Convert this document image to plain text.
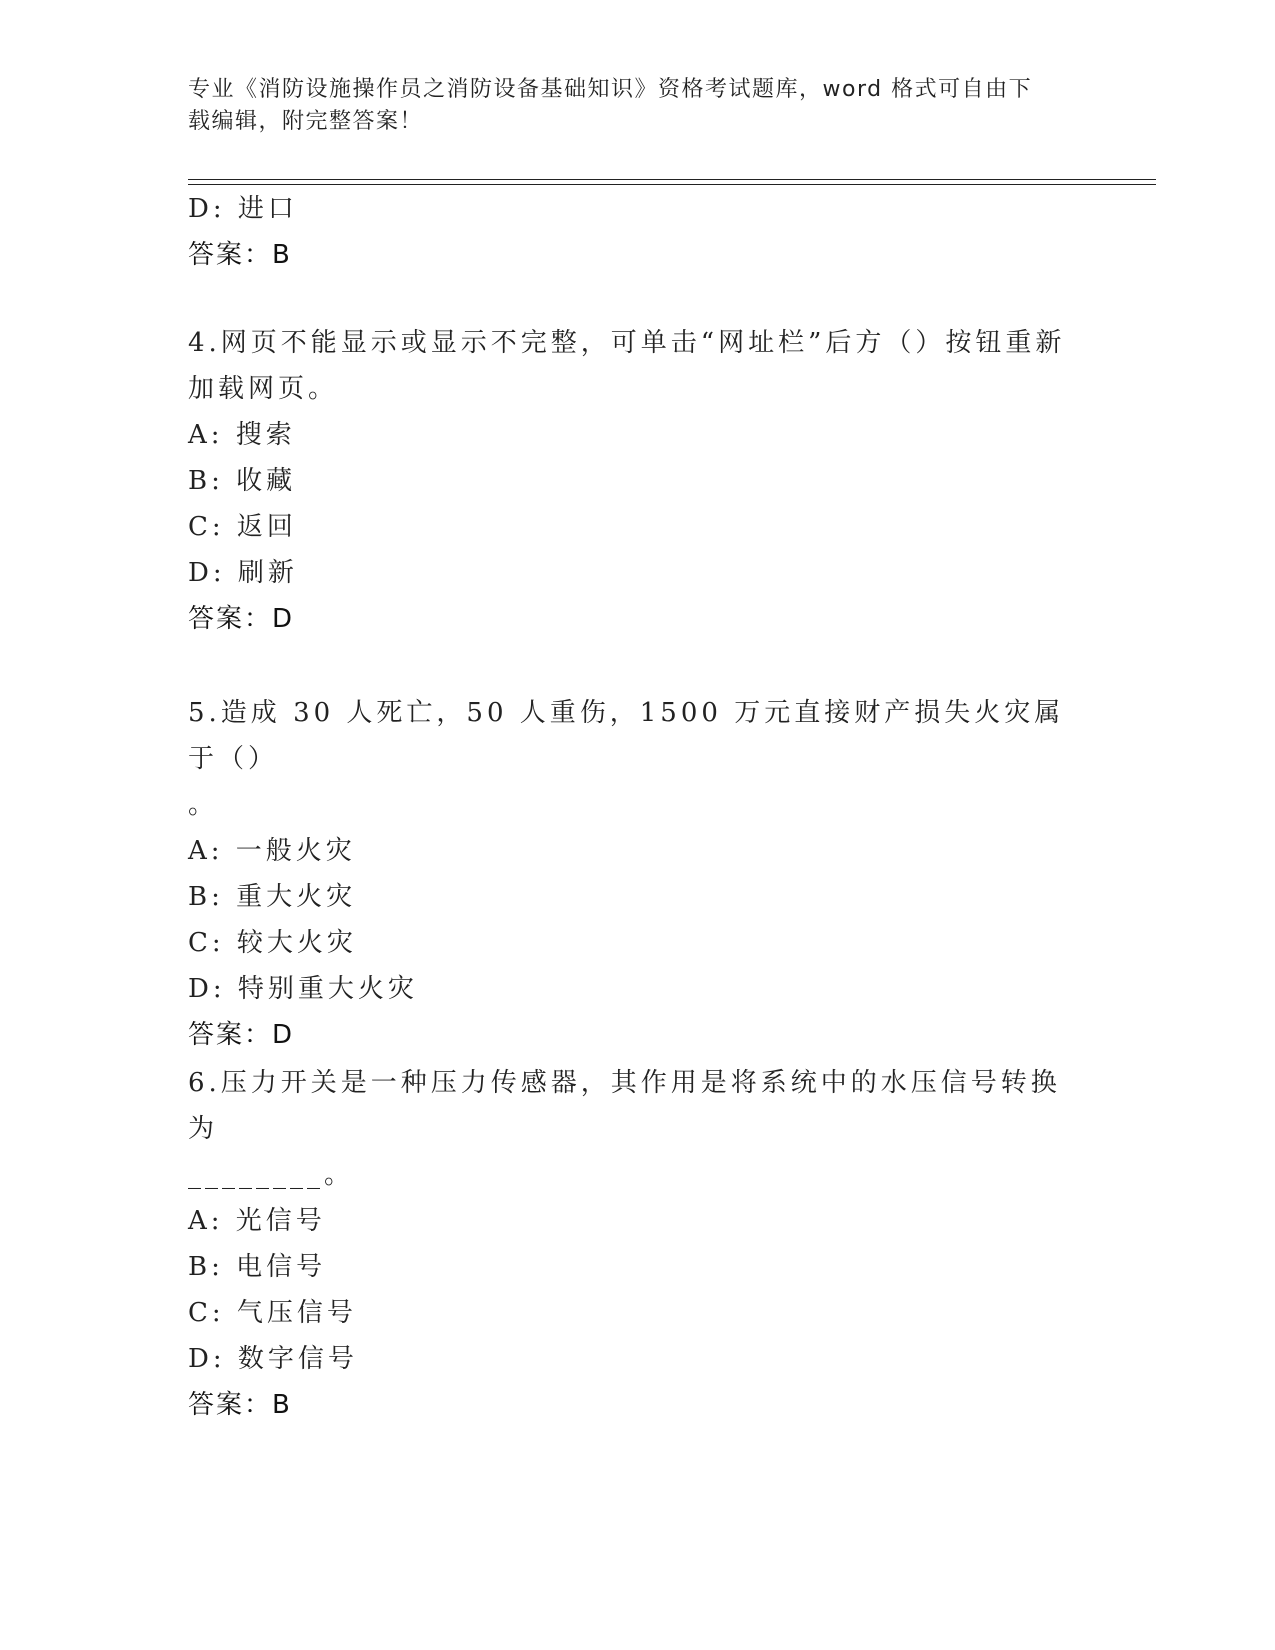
专业《消防设施操作员之消防设备基础知识》资格考试题库，word 格式可自由下
载编辑，附完整答案！
D: 进口
答案：B
4.网页不能显示或显示不完整，可单击“网址栏”后方（）按钮重新
加载网页。
A: 搜索
B: 收藏
C: 返回
D: 刷新
答案：D
5.造成 30 人死亡，50 人重伤，1500 万元直接财产损失火灾属于（）
。
A: 一般火灾
B: 重大火灾
C: 较大火灾
D: 特别重大火灾
答案：D
6.压力开关是一种压力传感器，其作用是将系统中的水压信号转换为
________。
A: 光信号
B: 电信号
C: 气压信号
D: 数字信号
答案：B
